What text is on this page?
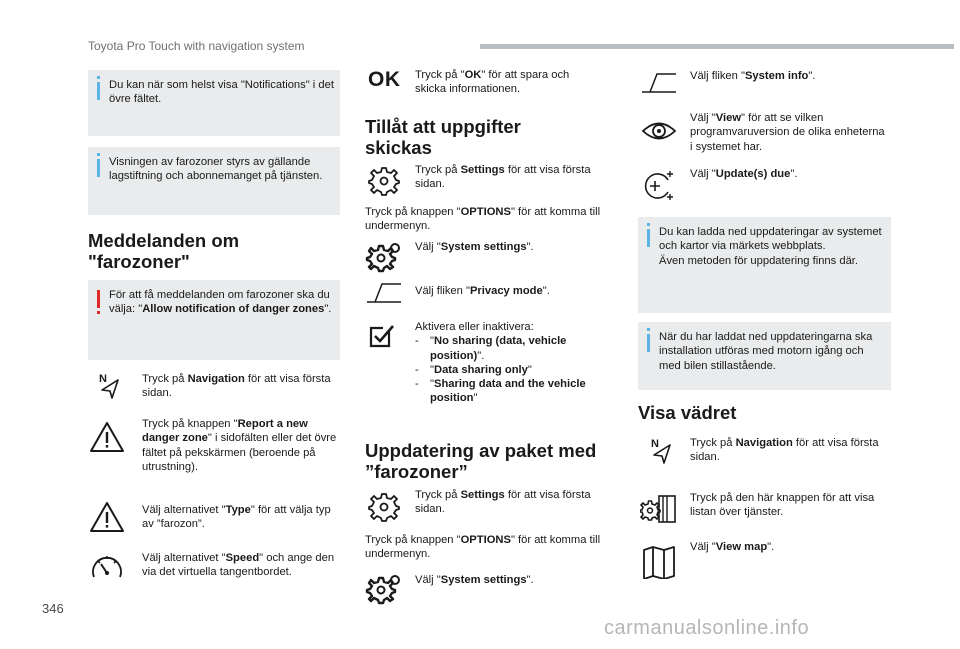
Toyota Pro Touch with navigation system

Du kan när som helst visa "Notifications" i det övre fältet.

Visningen av farozoner styrs av gällande lagstiftning och abonnemanget på tjänsten.

Meddelanden om "farozoner"

För att få meddelanden om farozoner ska du välja: "Allow notification of danger zones".

N	Tryck på Navigation för att visa första sidan.

Tryck på knappen "Report a new danger zone" i sidofälten eller det övre fältet på pekskärmen (beroende på utrustning).

Välj alternativet "Type" för att välja typ av ”farozon”.

Välj alternativet "Speed" och ange den via det virtuella tangentbordet.

OK Tryck på "OK" för att spara och skicka informationen.

Tillåt att uppgifter skickas

Tryck på Settings för att visa första sidan.

Tryck på knappen "OPTIONS" för att komma till undermenyn.

Välj "System settings".

Välj fliken "Privacy mode".

Aktivera eller inaktivera:

-	"No sharing (data, vehicle position)".
-	"Data sharing only"
-	"Sharing data and the vehicle position"
Uppdatering av paket med ”farozoner”

Tryck på Settings för att visa första sidan.

Tryck på knappen "OPTIONS" för att komma till undermenyn.

Välj "System settings".

Välj fliken "System info".

Välj "View" för att se vilken programvaruversion de olika enheterna i systemet har.

Välj "Update(s) due".

Du kan ladda ned uppdateringar av systemet och kartor via märkets webbplats.
Även metoden för uppdatering finns där.

När du har laddat ned uppdateringarna ska installation utföras med motorn igång och med bilen stillastående.

Visa vädret
N	Tryck på Navigation för att visa första sidan.

Tryck på den här knappen för att visa listan över tjänster.

Välj "View map".

346
carmanualsonline.info
